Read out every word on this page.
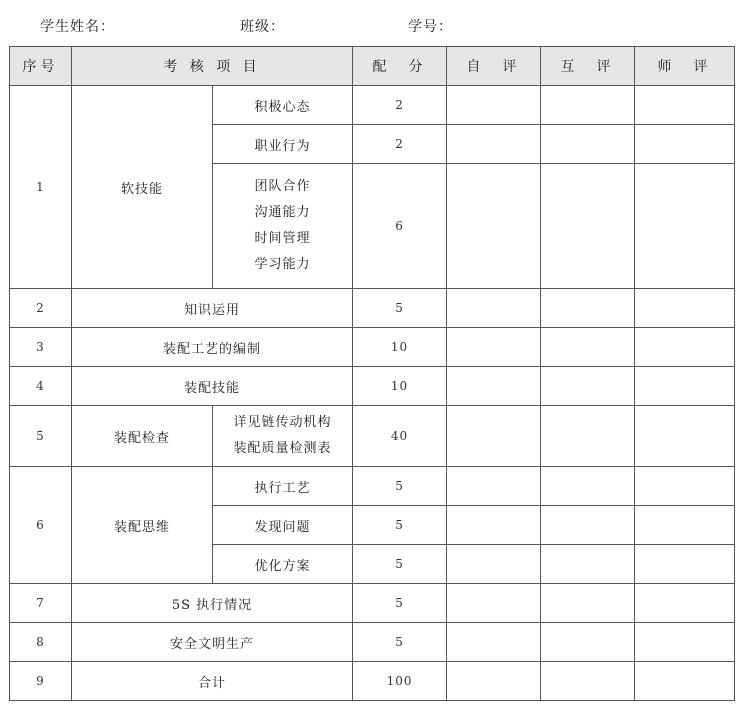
学生姓名：	班级：	学号：
序号	考 核 项 目		配　分	自　评	互　评	师　评
1	软技能	积极心态	2			
		职业行为	2			

		团队合作
沟通能力
时间管理
学习能力	6			
2	知识运用		5			
3	装配工艺的编制		10			
4	装配技能		10			
5	装配检查	详见链传动机构
装配质量检测表	40			
6	装配思维	执行工艺	5			
		发现问题	5			
		优化方案	5			
7	5S 执行情况		5			
8	安全文明生产		5			
9	合计		100			
